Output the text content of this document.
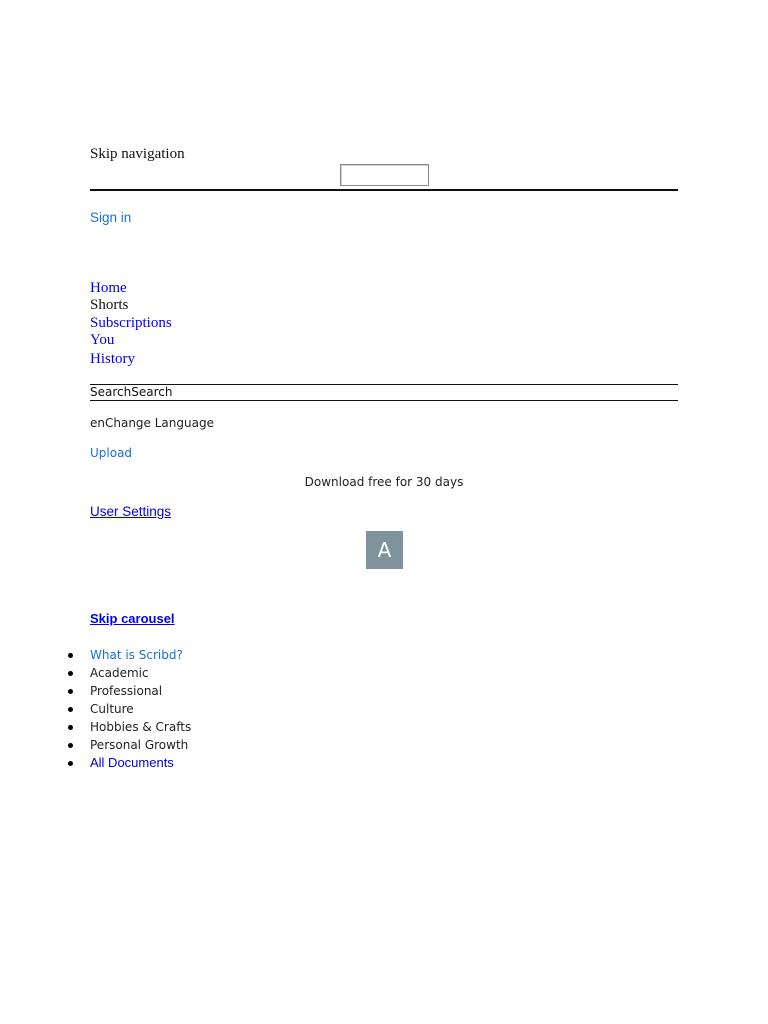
Skip navigation
Sign in
Home
Shorts
Subscriptions
You
History
SearchSearch
enChange Language
Upload
Download free for 30 days
User Settings
A
Skip carousel
What is Scribd?
Academic
Professional
Culture
Hobbies & Crafts
Personal Growth
All Documents
